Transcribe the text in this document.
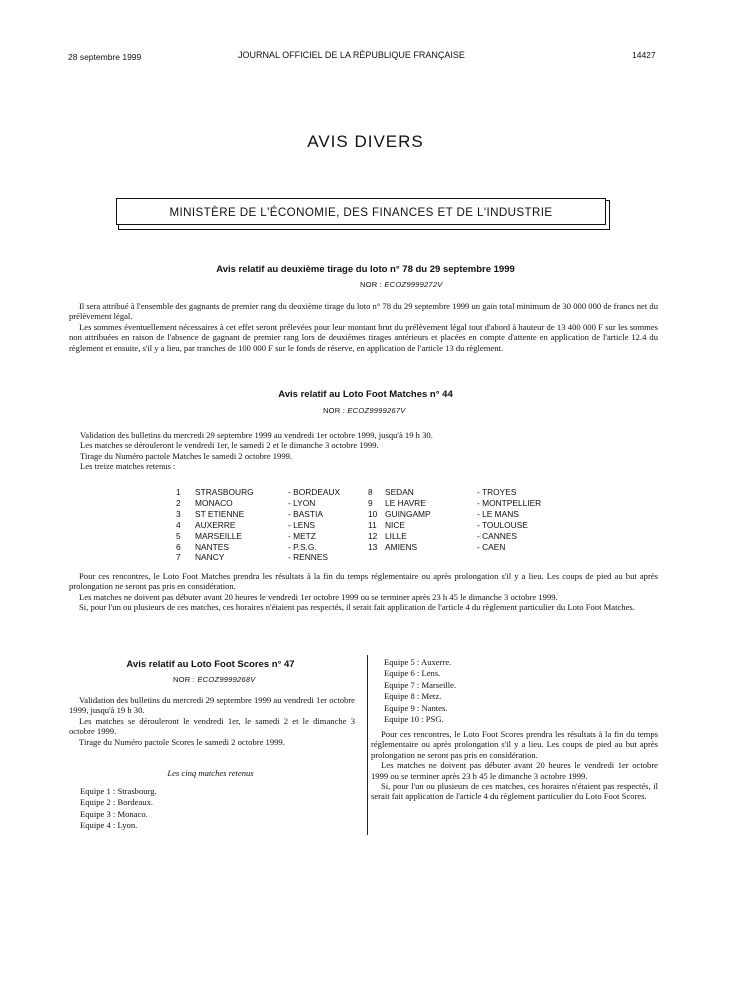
28 septembre 1999	JOURNAL OFFICIEL DE LA RÉPUBLIQUE FRANÇAISE	14427
AVIS DIVERS
MINISTÈRE DE L'ÉCONOMIE, DES FINANCES ET DE L'INDUSTRIE
Avis relatif au deuxième tirage du loto n° 78 du 29 septembre 1999
NOR : ECOZ9999272V

Il sera attribué à l'ensemble des gagnants de premier rang du deuxième tirage du loto n° 78 du 29 septembre 1999 un gain total minimum de 30 000 000 de francs net du prélèvement légal.

Les sommes éventuellement nécessaires à cet effet seront prélevées pour leur montant brut du prélèvement légal tout d'abord à hauteur de 13 400 000 F sur les sommes non attribuées en raison de l'absence de gagnant de premier rang lors de deuxièmes tirages antérieurs et placées en compte d'attente en application de l'article 12.4 du règlement et ensuite, s'il y a lieu, par tranches de 100 000 F sur le fonds de réserve, en application de l'article 13 du règlement.

Avis relatif au Loto Foot Matches n° 44
NOR : ECOZ9999267V
Validation des bulletins du mercredi 29 septembre 1999 au vendredi 1er octobre 1999, jusqu'à 19 h 30.
Les matches se dérouleront le vendredi 1er, le samedi 2 et le dimanche 3 octobre 1999.
Tirage du Numéro pactole Matches le samedi 2 octobre 1999.
Les treize matches retenus :
1	STRASBOURG	- BORDEAUX
2	MONACO	- LYON
3	ST ETIENNE	- BASTIA
4	AUXERRE	- LENS
5	MARSEILLE	- METZ
6	NANTES	- P.S.G.
7	NANCY	- RENNES
8	SEDAN	- TROYES
9	LE HAVRE	- MONTPELLIER
10	GUINGAMP	- LE MANS
11	NICE	- TOULOUSE
12	LILLE	- CANNES
13	AMIENS	- CAEN

Pour ces rencontres, le Loto Foot Matches prendra les résultats à la fin du temps réglementaire ou après prolongation s'il y a lieu. Les coups de pied au but après prolongation ne seront pas pris en considération.

Les matches ne doivent pas débuter avant 20 heures le vendredi 1er octobre 1999 ou se terminer après 23 h 45 le dimanche 3 octobre 1999.

Si, pour l'un ou plusieurs de ces matches, ces horaires n'étaient pas respectés, il serait fait application de l'article 4 du règlement particulier du Loto Foot Matches.

Avis relatif au Loto Foot Scores n° 47
NOR : ECOZ9999268V

Validation des bulletins du mercredi 29 septembre 1999 au vendredi 1er octobre 1999, jusqu'à 19 h 30.

Les matches se dérouleront le vendredi 1er, le samedi 2 et le dimanche 3 octobre 1999.

Tirage du Numéro pactole Scores le samedi 2 octobre 1999.

Les cinq matches retenus
Equipe 1 : Strasbourg.
Equipe 2 : Bordeaux.
Equipe 3 : Monaco.
Equipe 4 : Lyon.
Equipe 5 : Auxerre.
Equipe 6 : Lens.
Equipe 7 : Marseille.
Equipe 8 : Metz.
Equipe 9 : Nantes.
Equipe 10 : PSG.

Pour ces rencontres, le Loto Foot Scores prendra les résultats à la fin du temps réglementaire ou après prolongation s'il y a lieu. Les coups de pied au but après prolongation ne seront pas pris en considération.

Les matches ne doivent pas débuter avant 20 heures le vendredi 1er octobre 1999 ou se terminer après 23 h 45 le dimanche 3 octobre 1999.

Si, pour l'un ou plusieurs de ces matches, ces horaires n'étaient pas respectés, il serait fait application de l'article 4 du règlement particulier du Loto Foot Scores.
